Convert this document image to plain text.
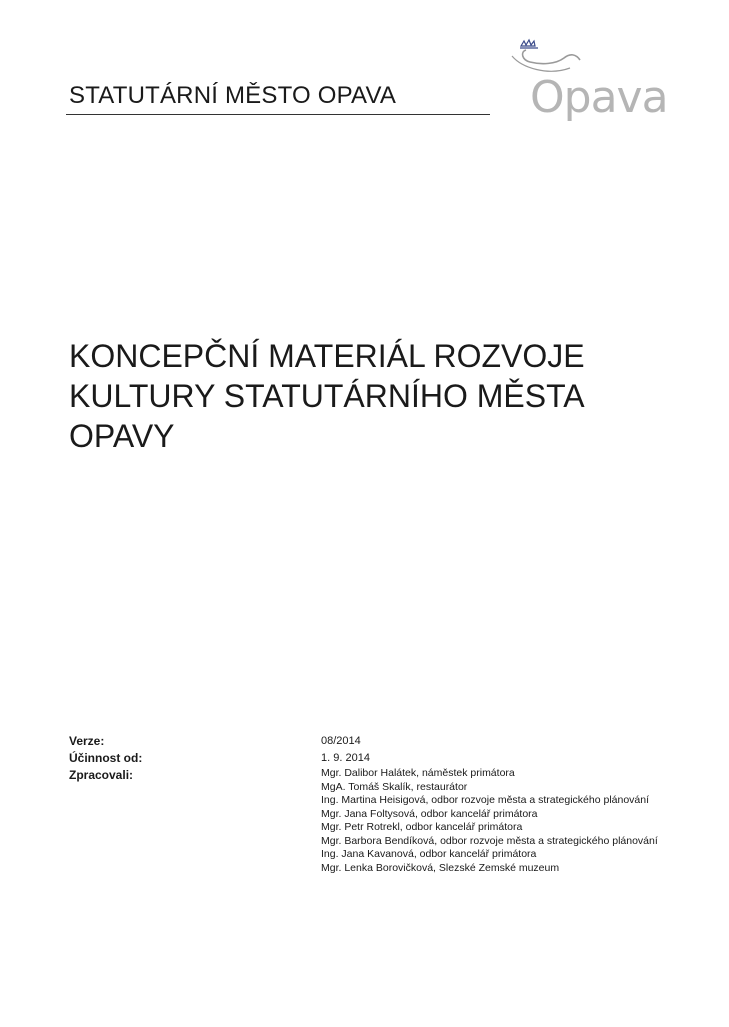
STATUTÁRNÍ MĚSTO OPAVA	Opava
KONCEPČNÍ MATERIÁL ROZVOJE
KULTURY STATUTÁRNÍHO MĚSTA
OPAVY
Verze:	08/2014
Účinnost od:	1. 9. 2014
Zpracovali:	Mgr. Dalibor Halátek, náměstek primátora
MgA. Tomáš Skalík, restaurátor
Ing. Martina Heisigová, odbor rozvoje města a strategického plánování
Mgr. Jana Foltysová, odbor kancelář primátora
Mgr. Petr Rotrekl, odbor kancelář primátora
Mgr. Barbora Bendíková, odbor rozvoje města a strategického plánování
Ing. Jana Kavanová, odbor kancelář primátora
Mgr. Lenka Borovičková, Slezské Zemské muzeum
